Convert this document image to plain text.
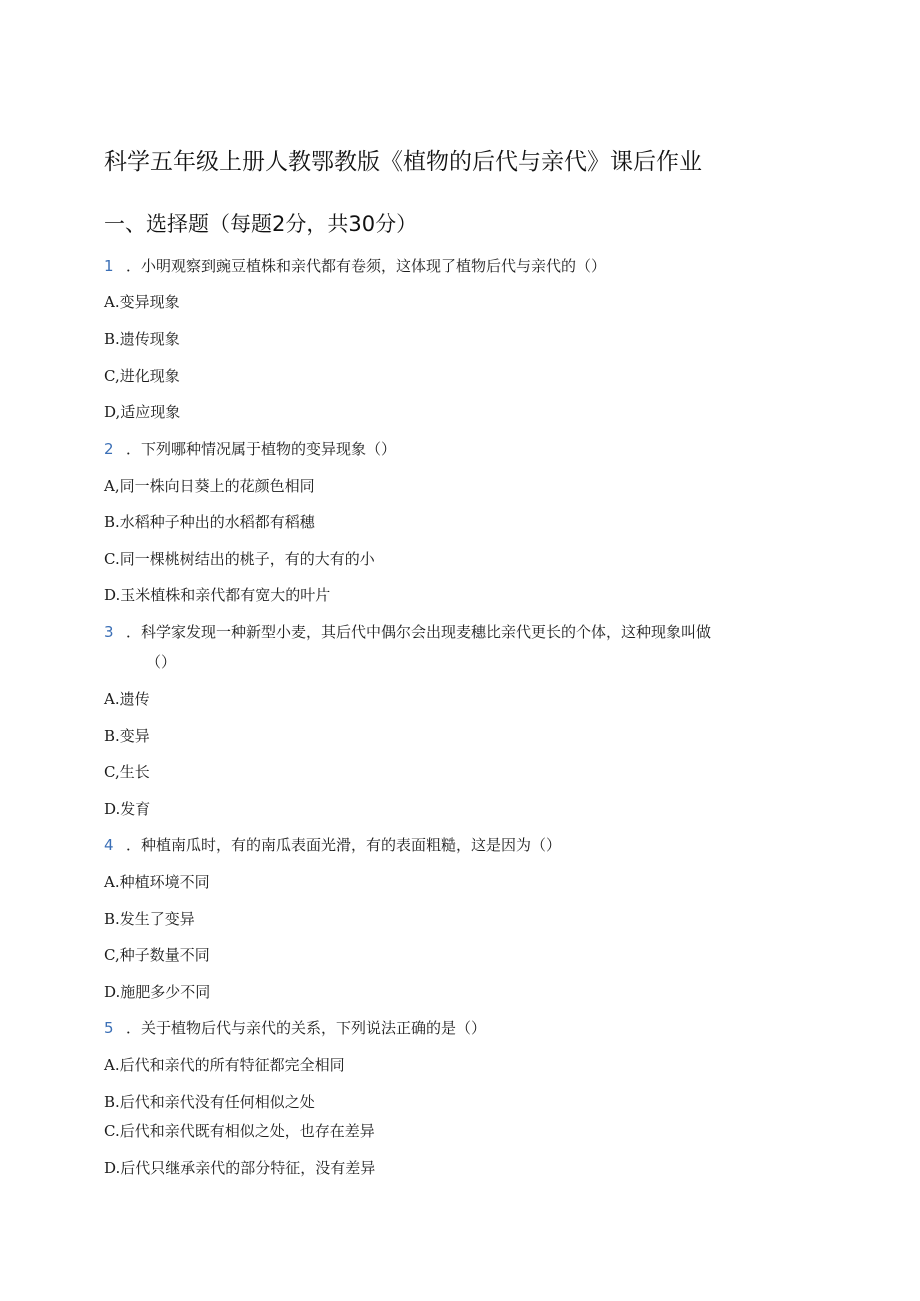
科学五年级上册人教鄂教版《植物的后代与亲代》课后作业
一、选择题（每题2分，共30分）
1 ．小明观察到豌豆植株和亲代都有卷须，这体现了植物后代与亲代的（）
A.变异现象
B.遗传现象
C,进化现象
D,适应现象
2 ．下列哪种情况属于植物的变异现象（）
A,同一株向日葵上的花颜色相同
B.水稻种子种出的水稻都有稻穗
C.同一棵桃树结出的桃子，有的大有的小
D.玉米植株和亲代都有宽大的叶片
3 ．科学家发现一种新型小麦，其后代中偶尔会出现麦穗比亲代更长的个体，这种现象叫做
（）
A.遗传
B.变异
C,生长
D.发育
4 ．种植南瓜时，有的南瓜表面光滑，有的表面粗糙，这是因为（）
A.种植环境不同
B.发生了变异
C,种子数量不同
D.施肥多少不同
5 ．关于植物后代与亲代的关系，下列说法正确的是（）
A.后代和亲代的所有特征都完全相同
B.后代和亲代没有任何相似之处
C.后代和亲代既有相似之处，也存在差异
D.后代只继承亲代的部分特征，没有差异
